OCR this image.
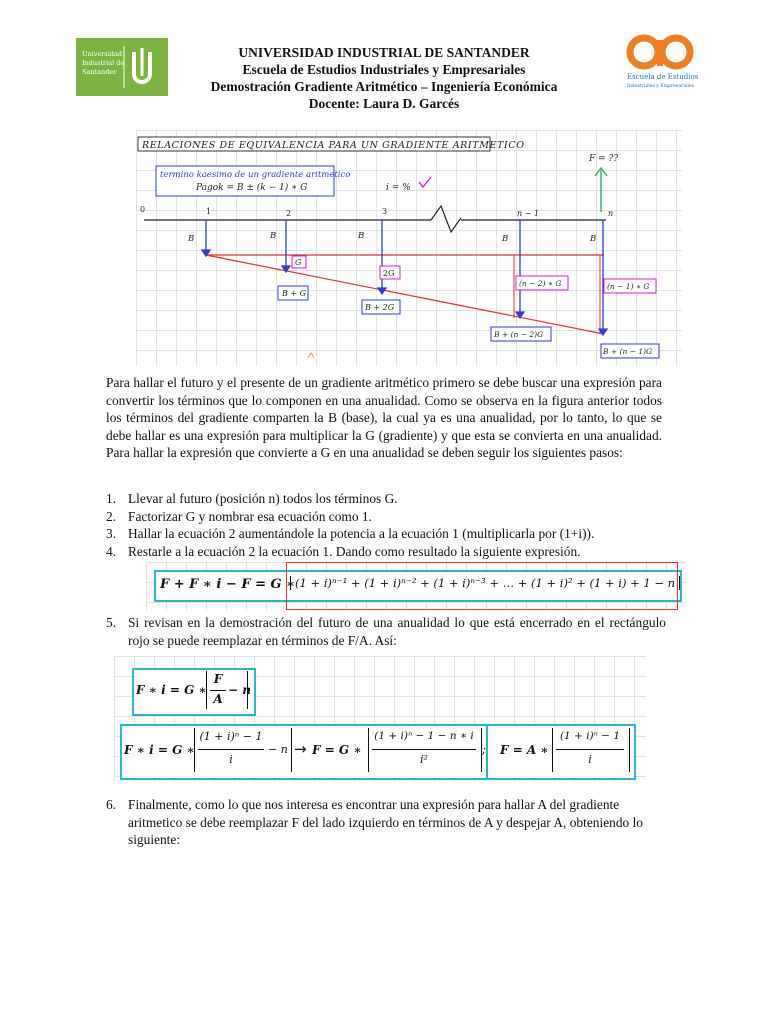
Universidad
Industrial de
Santander
Escuela de Estudios
Industriales y Empresariales
UNIVERSIDAD INDUSTRIAL DE SANTANDER
Escuela de Estudios Industriales y Empresariales
Demostración Gradiente Aritmético – Ingeniería Económica
Docente: Laura D. Garcés
RELACIONES DE EQUIVALENCIA PARA UN GRADIENTE ARITMETICO
termino kaesimo de un gradiente aritmetico
Pagok = B ± (k − 1) ∗ G	i = %
F = ??
0	1	2	3	n − 1	n
B	B	B	B	B
G
B + G
2G
B + 2G
(n − 2) ∗ G
B + (n − 2)G
(n − 1) ∗ G
B + (n − 1)G
Para hallar el futuro y el presente de un gradiente aritmético primero se debe buscar una expresión para convertir los términos que lo componen en una anualidad. Como se observa en la figura anterior todos los términos del gradiente comparten la B (base), la cual ya es una anualidad, por lo tanto, lo que se debe hallar es una expresión para multiplicar la G (gradiente) y que esta se convierta en una anualidad. Para hallar la expresión que convierte a G en una anualidad se deben seguir los siguientes pasos:
1. Llevar al futuro (posición n) todos los términos G.
2. Factorizar G y nombrar esa ecuación como 1.
3. Hallar la ecuación 2 aumentándole la potencia a la ecuación 1 (multiplicarla por (1+i)).
4. Restarle a la ecuación 2 la ecuación 1. Dando como resultado la siguiente expresión.
F + F ∗ i − F = G ∗ (1 + i)ⁿ⁻¹ + (1 + i)ⁿ⁻² + (1 + i)ⁿ⁻³ + … + (1 + i)² + (1 + i) + 1 − n
5. Si revisan en la demostración del futuro de una anualidad lo que está encerrado en el rectángulo rojo se puede reemplazar en términos de F/A. Así:
F ∗ i = G ∗
F
A
− n
F ∗ i = G ∗
(1 + i)ⁿ − 1
i
− n → F = G ∗
(1 + i)ⁿ − 1 − n ∗ i
i²
; F = A ∗
(1 + i)ⁿ − 1
i
6. Finalmente, como lo que nos interesa es encontrar una expresión para hallar A del gradiente aritmetico se debe reemplazar F del lado izquierdo en términos de A y despejar A, obteniendo lo siguiente:
